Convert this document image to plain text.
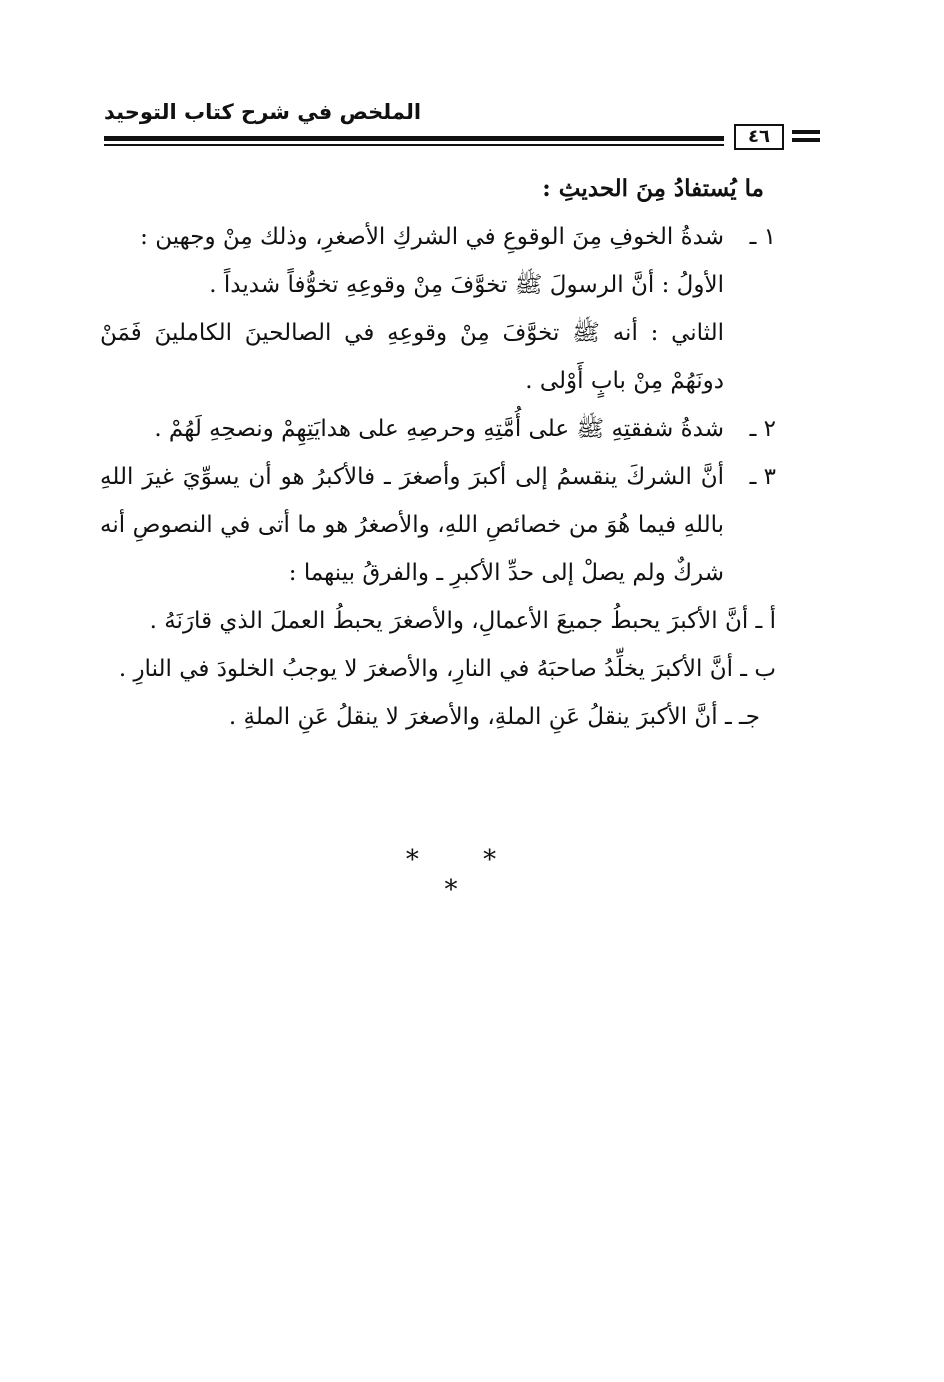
الملخص في شرح كتاب التوحيد
٤٦
ما يُستفادُ مِنَ الحديثِ :
١ ـ
شدةُ الخوفِ مِنَ الوقوعِ في الشركِ الأصغرِ، وذلك مِنْ وجهين :
الأولُ : أنَّ الرسولَ ﷺ تخوَّفَ مِنْ وقوعِهِ تخوُّفاً شديداً .
الثاني : أنه ﷺ تخوَّفَ مِنْ وقوعِهِ في الصالحينَ الكاملينَ فَمَنْ دونَهُمْ مِنْ بابٍ أَوْلى .
٢ ـ
شدةُ شفقتِهِ ﷺ على أُمَّتِهِ وحرصِهِ على هدايَتِهِمْ ونصحِهِ لَهُمْ .
٣ ـ
أنَّ الشركَ ينقسمُ إلى أكبرَ وأصغرَ ـ فالأكبرُ هو أن يسوِّيَ غيرَ اللهِ باللهِ فيما هُوَ من خصائصِ اللهِ، والأصغرُ هو ما أتى في النصوصِ أنه شركٌ ولم يصلْ إلى حدِّ الأكبرِ ـ والفرقُ بينهما :
أ ـ أنَّ الأكبرَ يحبطُ جميعَ الأعمالِ، والأصغرَ يحبطُ العملَ الذي قارَنَهُ .
ب ـ أنَّ الأكبرَ يخلِّدُ صاحبَهُ في النارِ، والأصغرَ لا يوجبُ الخلودَ في النارِ .
جـ ـ أنَّ الأكبرَ ينقلُ عَنِ الملةِ، والأصغرَ لا ينقلُ عَنِ الملةِ .
* * *
